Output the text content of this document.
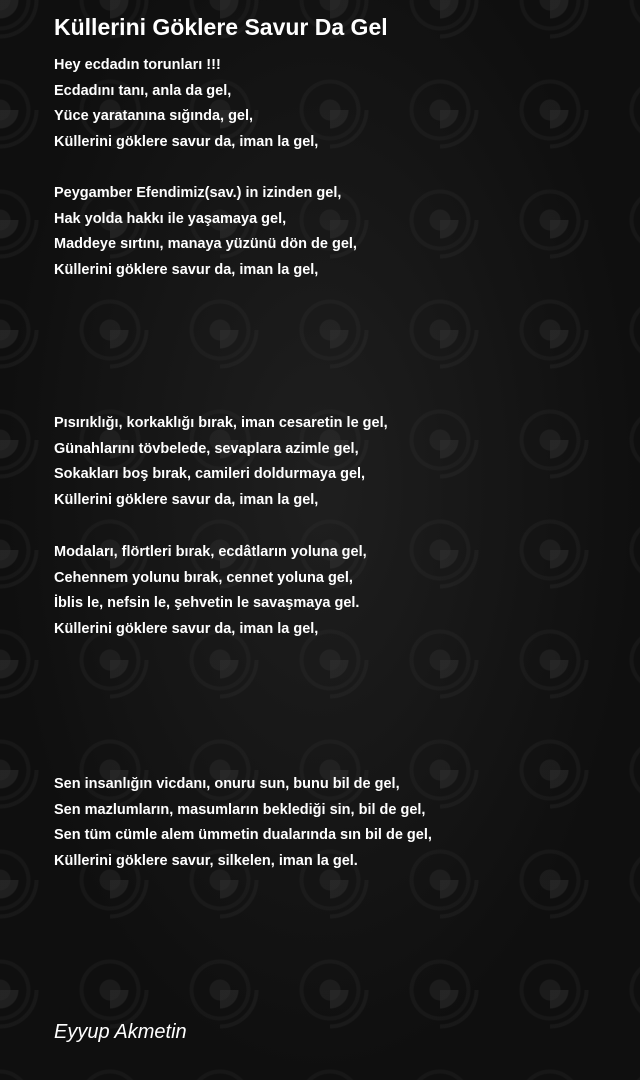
Küllerini Göklere Savur Da Gel

Hey ecdadın torunları !!!
Ecdadını tanı, anla da gel,
Yüce yaratanına sığında, gel,
Küllerini göklere savur da, iman la gel,

Peygamber Efendimiz(sav.) in izinden gel,
Hak yolda hakkı ile yaşamaya gel,
Maddeye sırtını, manaya yüzünü dön de gel,
Küllerini göklere savur da, iman la gel,

Pısırıklığı, korkaklığı bırak, iman cesaretin le gel,
Günahlarını tövbelede, sevaplara azimle gel,
Sokakları boş bırak, camileri doldurmaya gel,
Küllerini göklere savur da, iman la gel,

Modaları, flörtleri bırak, ecdâtların yoluna gel,
Cehennem yolunu bırak, cennet yoluna gel,
İblis le, nefsin le, şehvetin le savaşmaya gel.
Küllerini göklere savur da, iman la gel,

Sen insanlığın vicdanı, onuru sun, bunu bil de gel,
Sen mazlumların, masumların beklediği sin, bil de gel,
Sen tüm cümle alem ümmetin dualarında sın bil de gel,
Küllerini göklere savur, silkelen, iman la gel.

Eyyup Akmetin
